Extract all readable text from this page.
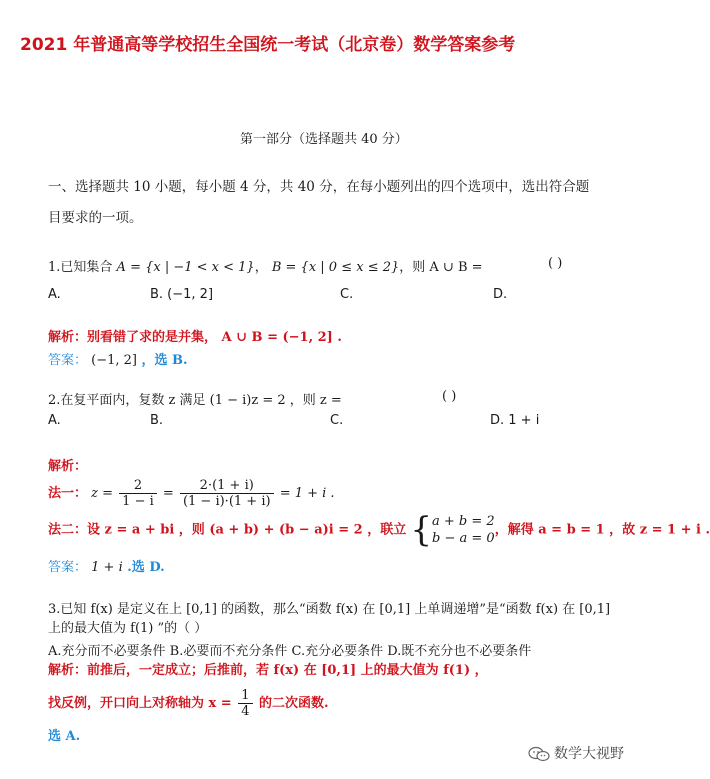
2021 年普通高等学校招生全国统一考试（北京卷）数学答案参考
第一部分（选择题共 40 分）
一、选择题共 10 小题，每小题 4 分，共 40 分，在每小题列出的四个选项中，选出符合题
目要求的一项。
1.已知集合 A = {x | −1 < x < 1}， B = {x | 0 ≤ x ≤ 2}，则 A ∪ B =	( )
A.	B. (−1, 2]	C.	D.
解析：别看错了求的是并集， A ∪ B = (−1, 2] .
答案： (−1, 2] ，选 B.
2.在复平面内，复数 z 满足 (1 − i)z = 2 ，则 z =	( )
A.	B.	C.	D. 1 + i
解析：
法一： $z = \frac{2}{1 - i} = \frac{2\cdot(1 + i)}{(1 - i)\cdot(1 + i)} = 1 + i$ .
法二：设 z = a + bi ，则 (a + b) + (b − a)i = 2 ，联立 { a + b = 2
b − a = 0
，解得 a = b = 1 ，故 z = 1 + i .
答案： 1 + i .选 D.
3.已知 f(x) 是定义在上 [0,1] 的函数，那么“函数 f(x) 在 [0,1] 上单调递增”是“函数 f(x) 在 [0,1]
上的最大值为 f(1) ”的（ ）
A.充分而不必要条件 B.必要而不充分条件 C.充分必要条件 D.既不充分也不必要条件
解析：前推后，一定成立；后推前，若 f(x) 在 [0,1] 上的最大值为 f(1) ，
找反例，开口向上对称轴为 $x = \frac{1}{4}$ 的二次函数.
选 A.
数学大视野
